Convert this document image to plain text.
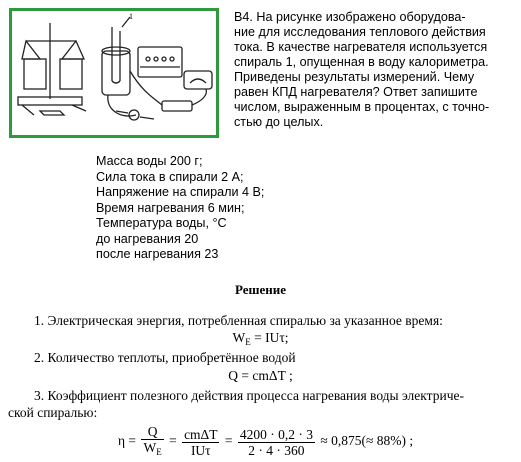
1	В4. На рисунке изображено оборудова-
ние для исследования теплового действия
тока. В качестве нагревателя используется
спираль 1, опущенная в воду калориметра.
Приведены результаты измерений. Чему
равен КПД нагревателя? Ответ запишите
числом, выраженным в процентах, с точно-
стью до целых.
Масса воды 200 г;
Сила тока в спирали 2 А;
Напряжение на спирали 4 В;
Время нагревания 6 мин;
Температура воды, °С
до нагревания 20
после нагревания 23
Решение
1. Электрическая энергия, потребленная спиралью за указанное время:
$W_E = IU\tau$;
2. Количество теплоты, приобретённое водой
Q = cmΔT ;
3. Коэффициент полезного действия процесса нагревания воды электриче-
ской спиралью:
$\eta = \frac{Q}{W_E} = \frac{\text{cmΔT}}{\text{IUτ}} = \frac{4200 \cdot 0,2 \cdot 3}{2 \cdot 4 \cdot 360} \approx 0,875(\approx 88\%)$ ;
